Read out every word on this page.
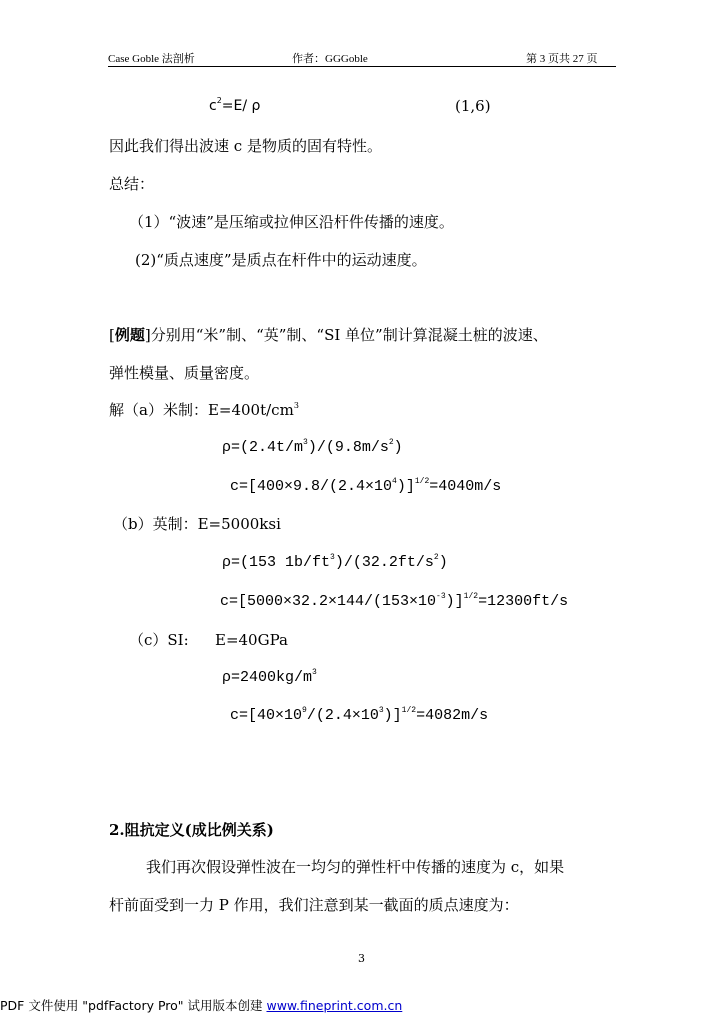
Case Goble 法剖析	作者：GGGoble	第 3 页共 27 页
$c^2=E/$ ρ	(1,6)
因此我们得出波速 c 是物质的固有特性。
总结：
（1）“波速”是压缩或拉伸区沿杆件传播的速度。
(2)“质点速度”是质点在杆件中的运动速度。
[例题]分别用“米”制、“英”制、“SI 单位”制计算混凝土桩的波速、
弹性模量、质量密度。
解（a）米制：$E=400t/cm^3$
$\rho=(2.4t/m^3)/(9.8m/s^2)$
$c=[400\times 9.8/(2.4\times 10^4)]^{1/2}=4040m/s$
（b）英制：E=5000ksi
ρ=(153 $1b/ft^3)/(32.2ft/s^2)$
$c=[5000\times 32.2\times 144/(153\times 10^{-3})]^{1/2}=12300ft/s$
（c）SI: E=40GPa
$\rho=2400kg/m^3$
$c=[40\times 10^9/(2.4\times 10^3)]^{1/2}=4082m/s$
2.阻抗定义(成比例关系)
我们再次假设弹性波在一均匀的弹性杆中传播的速度为 c，如果
杆前面受到一力 P 作用，我们注意到某一截面的质点速度为：
3
PDF 文件使用 "pdfFactory Pro" 试用版本创建 www.fineprint.com.cn
